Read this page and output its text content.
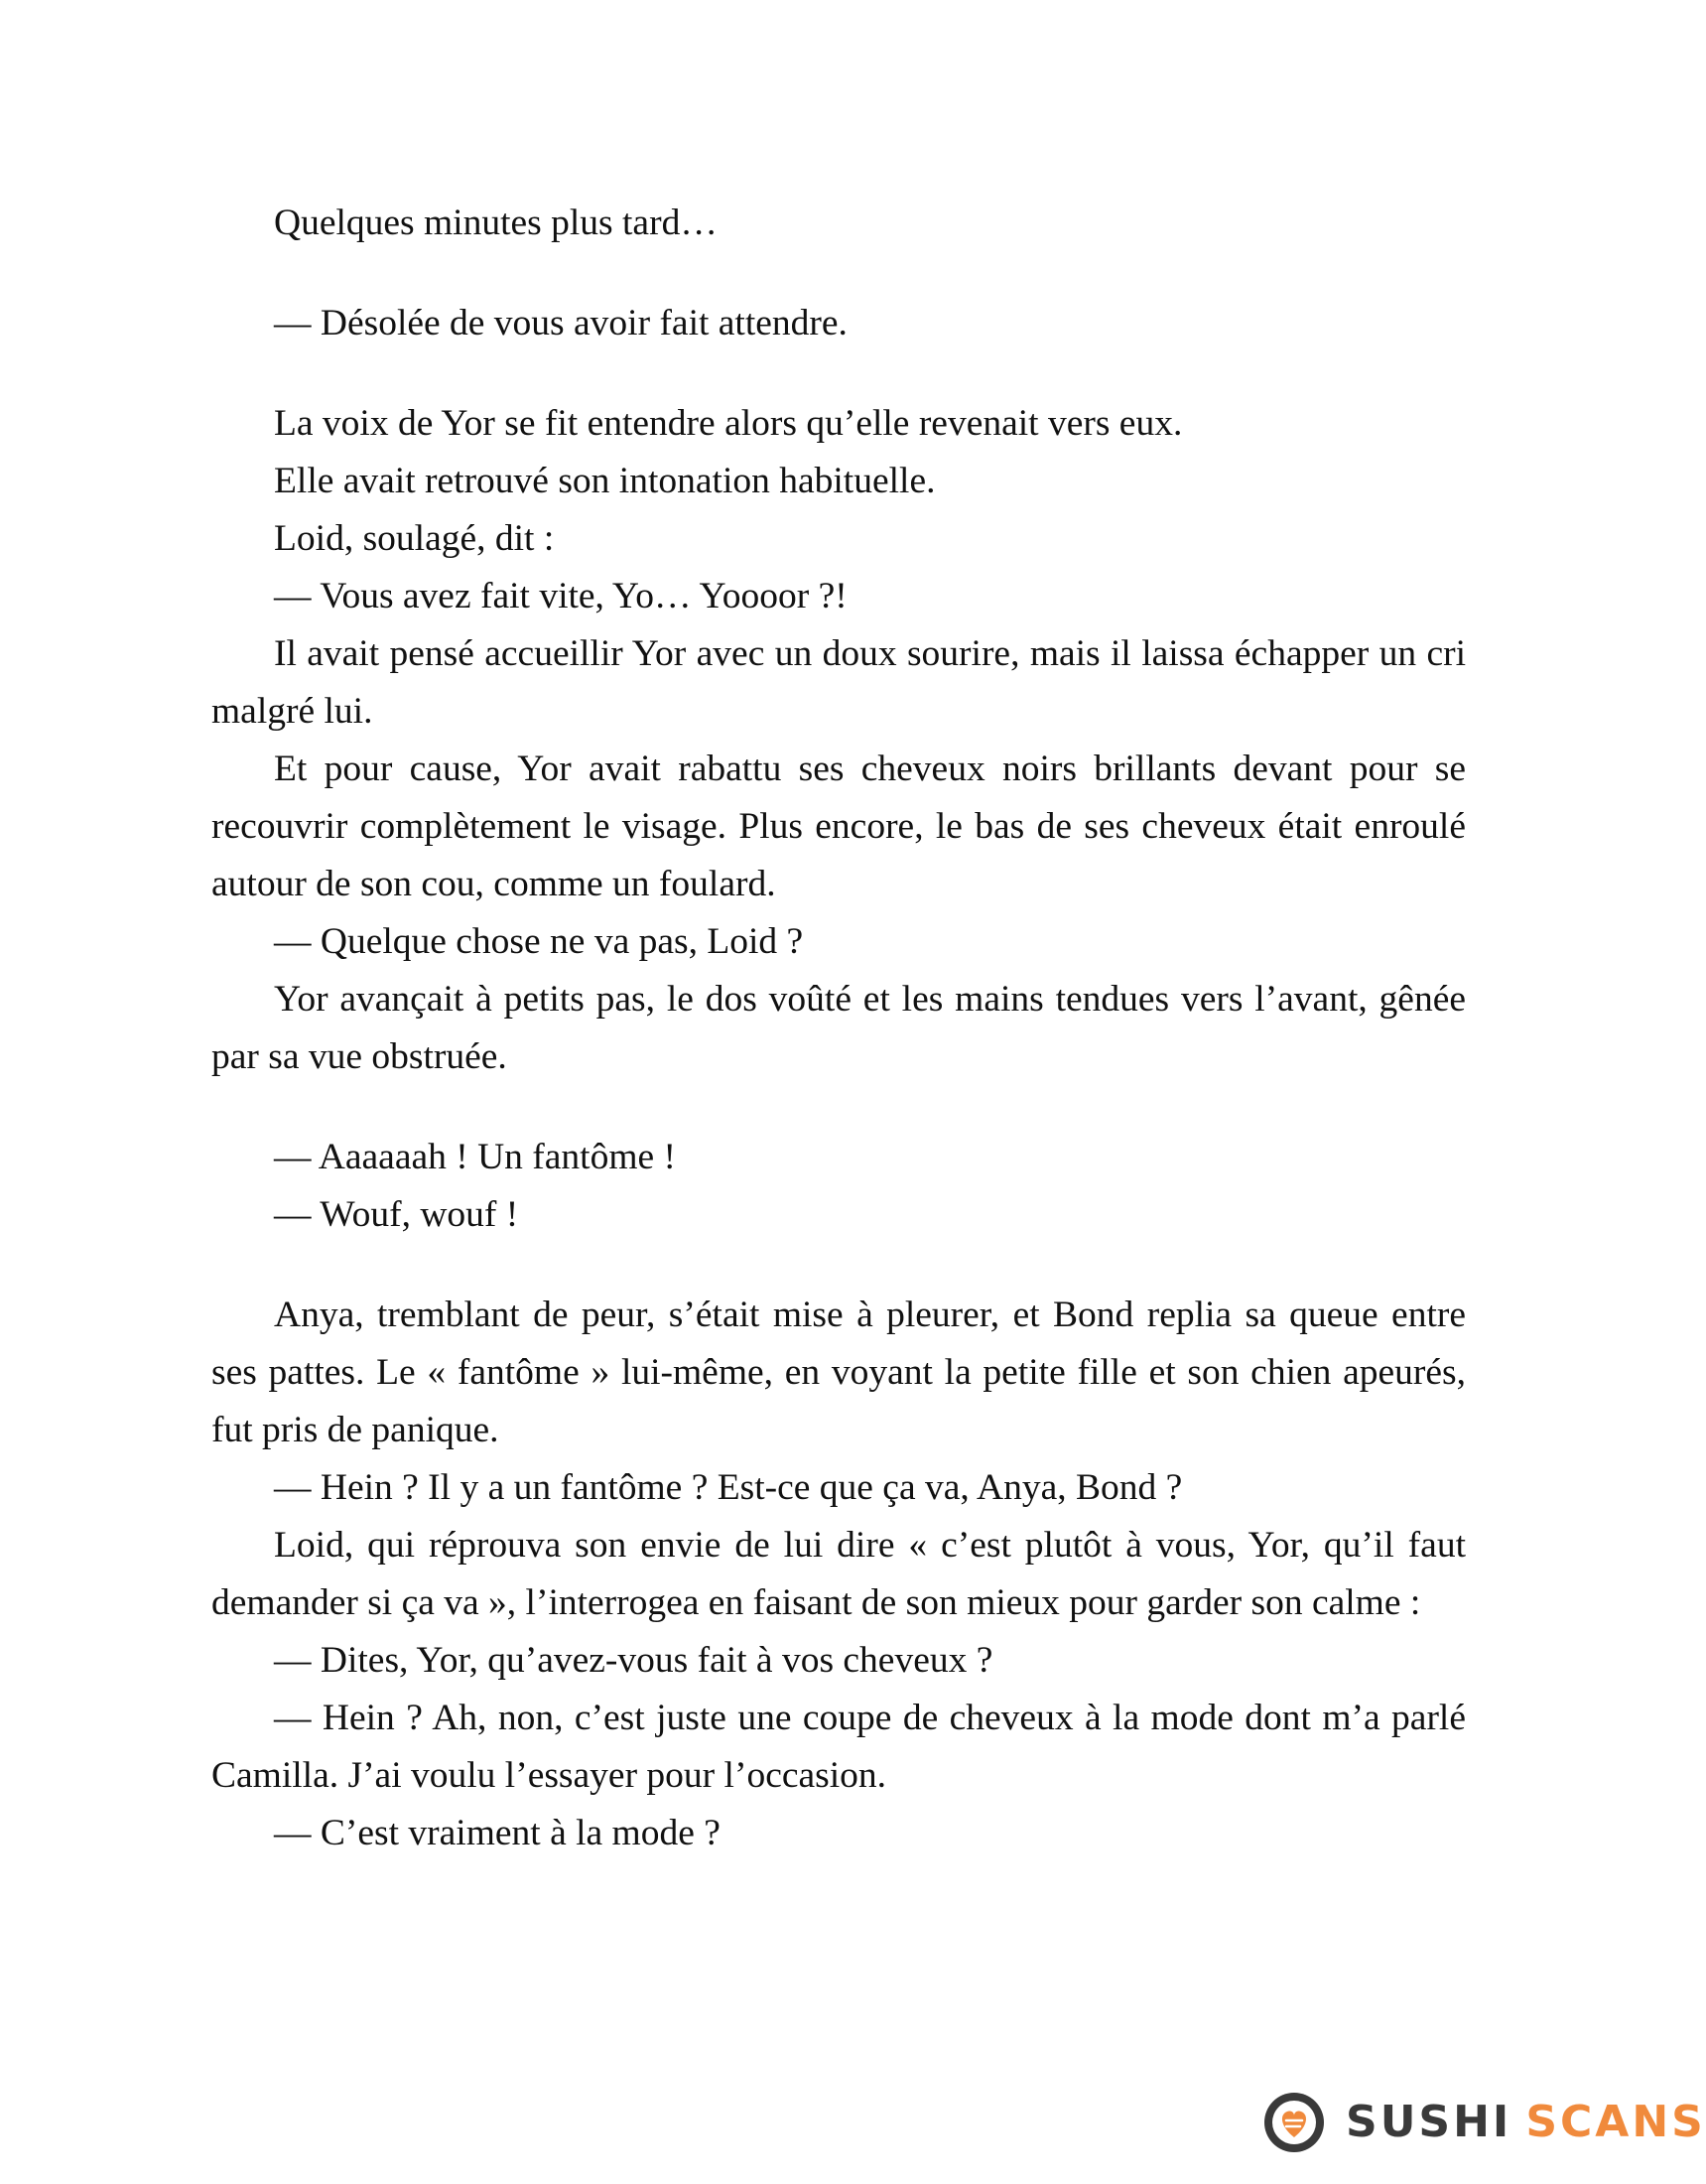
Quelques minutes plus tard…

— Désolée de vous avoir fait attendre.

La voix de Yor se fit entendre alors qu’elle revenait vers eux.

Elle avait retrouvé son intonation habituelle.

Loid, soulagé, dit :

— Vous avez fait vite, Yo… Yoooor ?!

Il avait pensé accueillir Yor avec un doux sourire, mais il laissa échapper un cri malgré lui.

Et pour cause, Yor avait rabattu ses cheveux noirs brillants devant pour se recouvrir complètement le visage. Plus encore, le bas de ses cheveux était enroulé autour de son cou, comme un foulard.

— Quelque chose ne va pas, Loid ?

Yor avançait à petits pas, le dos voûté et les mains tendues vers l’avant, gênée par sa vue obstruée.

— Aaaaaah ! Un fantôme !

— Wouf, wouf !

Anya, tremblant de peur, s’était mise à pleurer, et Bond replia sa queue entre ses pattes. Le « fantôme » lui-même, en voyant la petite fille et son chien apeurés, fut pris de panique.

— Hein ? Il y a un fantôme ? Est-ce que ça va, Anya, Bond ?

Loid, qui réprouva son envie de lui dire « c’est plutôt à vous, Yor, qu’il faut demander si ça va », l’interrogea en faisant de son mieux pour garder son calme :

— Dites, Yor, qu’avez-vous fait à vos cheveux ?

— Hein ? Ah, non, c’est juste une coupe de cheveux à la mode dont m’a parlé Camilla. J’ai voulu l’essayer pour l’occasion.

— C’est vraiment à la mode ?

SUSHI SCANS
